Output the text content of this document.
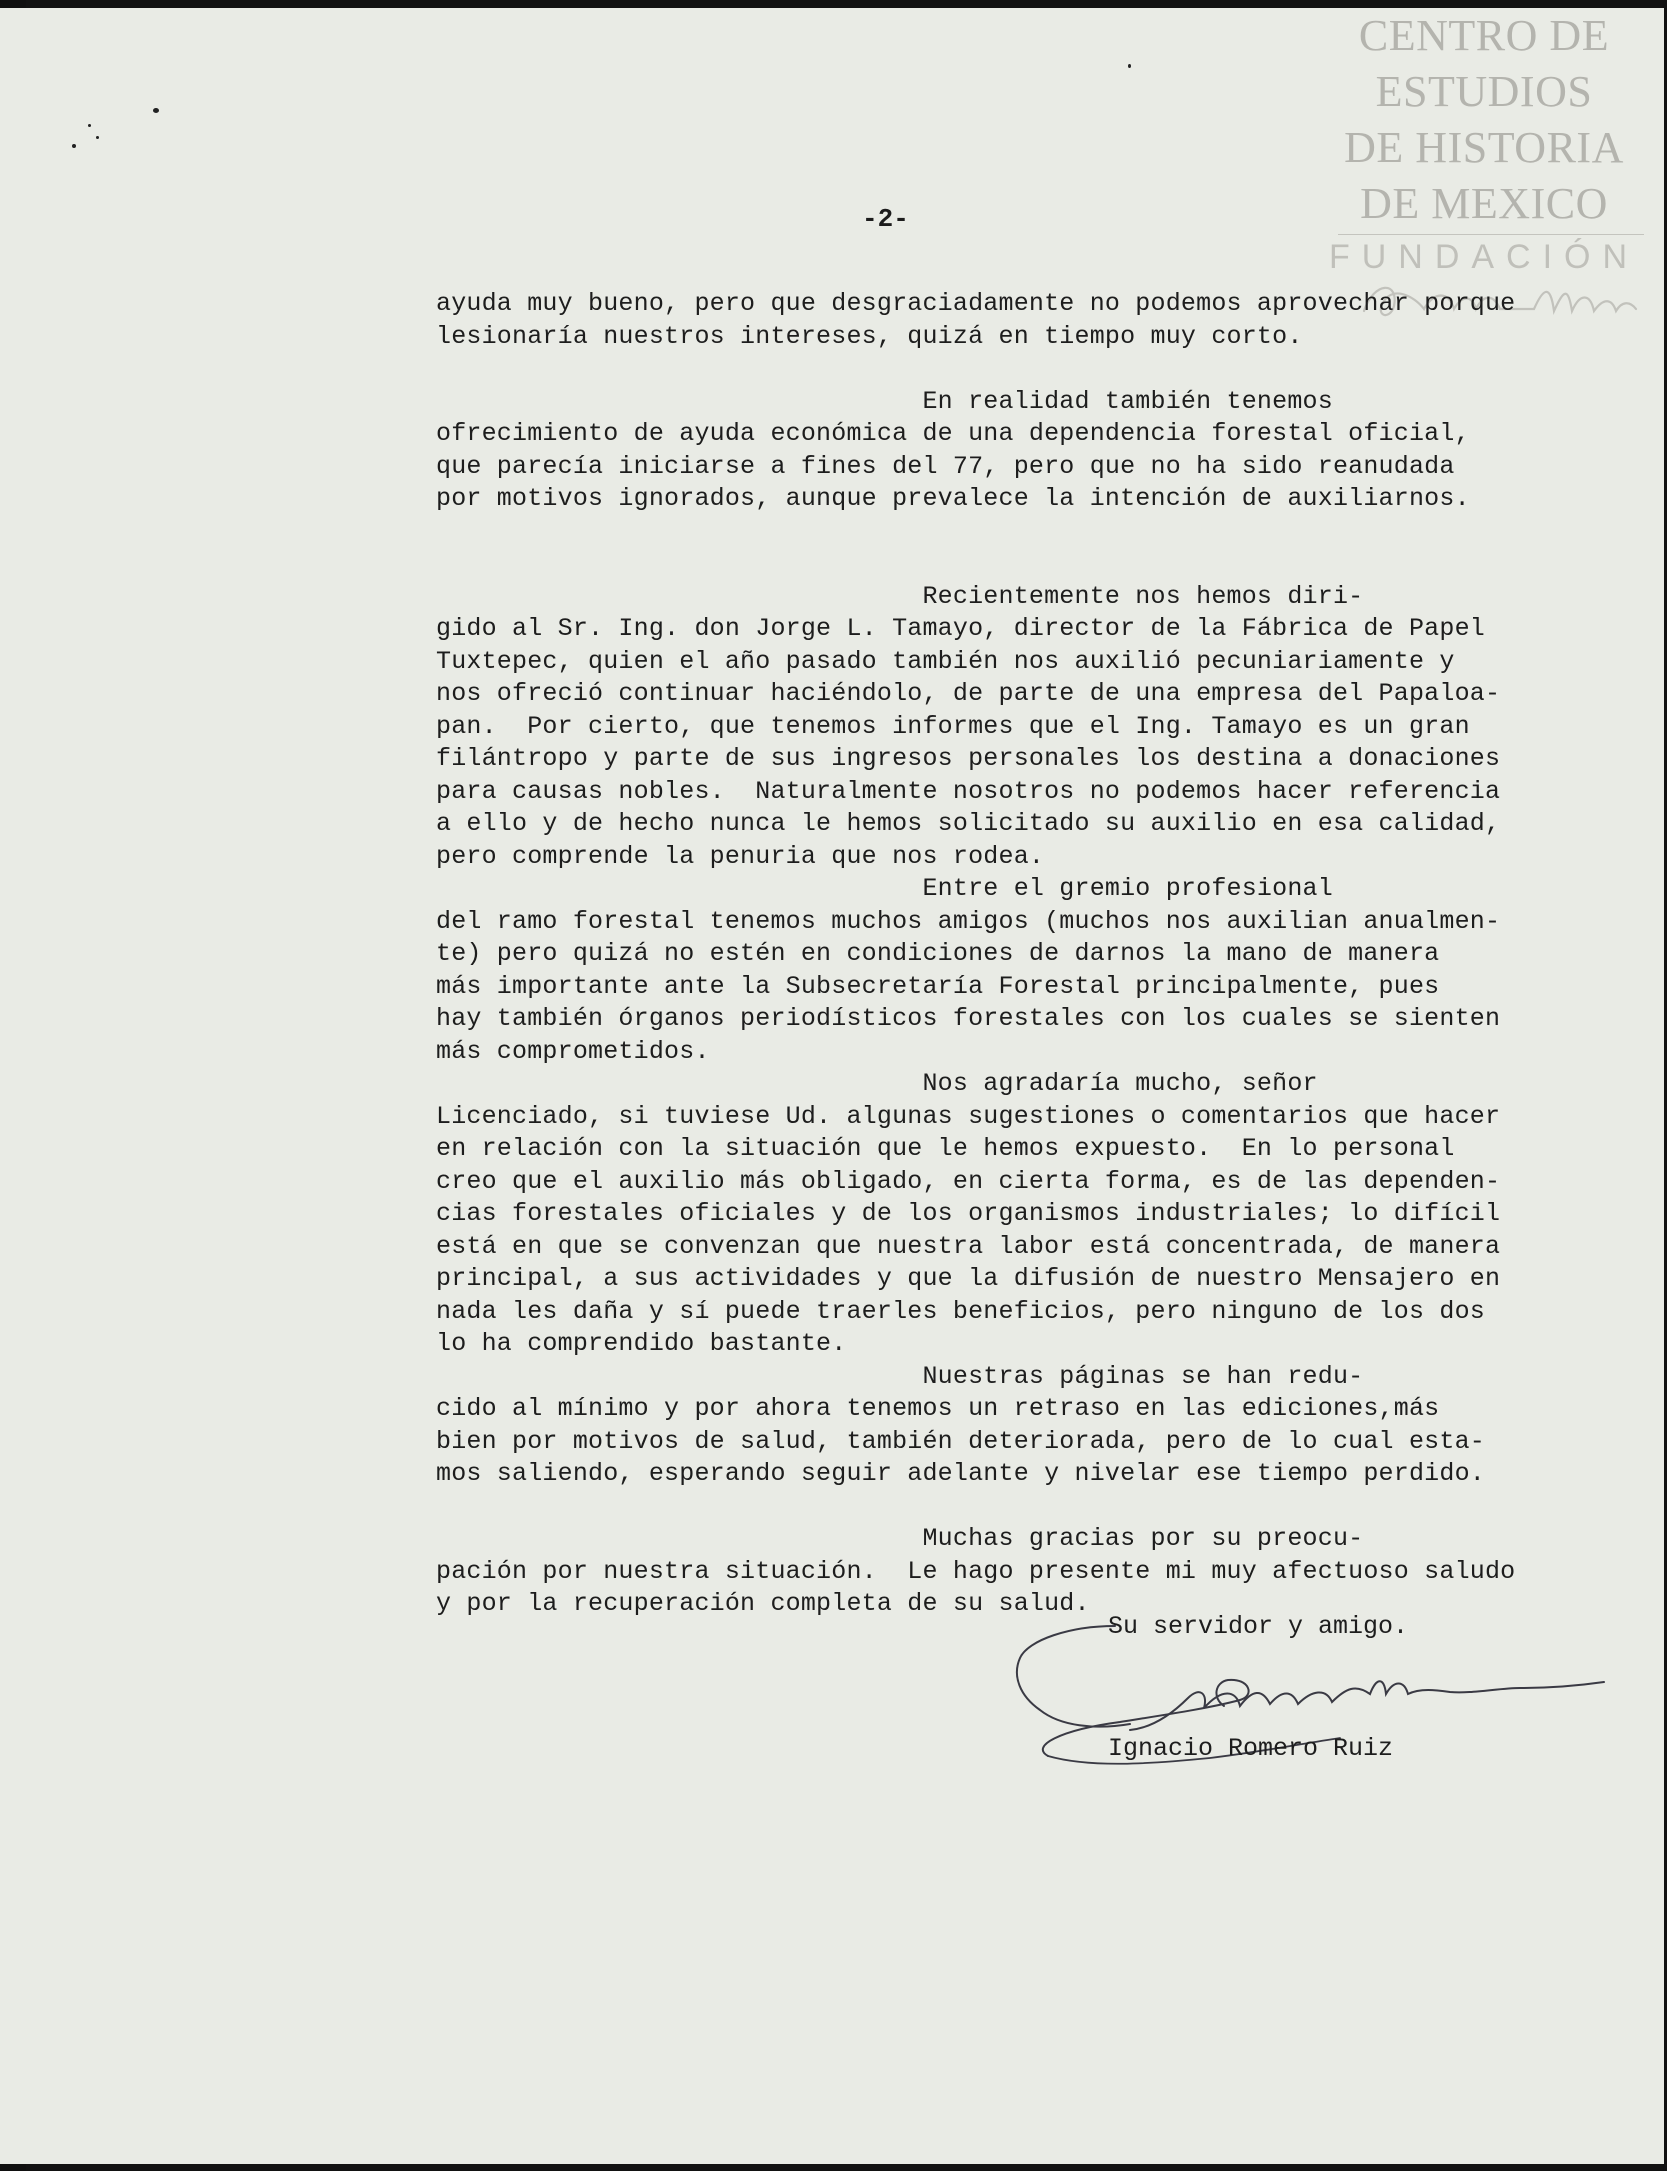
CENTRO DE
ESTUDIOS
DE HISTORIA
DE MEXICO
FUNDACIÓN
-2-
ayuda muy bueno, pero que desgraciadamente no podemos aprovechar porque
lesionaría nuestros intereses, quizá en tiempo muy corto.
En realidad también tenemos
ofrecimiento de ayuda económica de una dependencia forestal oficial,
que parecía iniciarse a fines del 77, pero que no ha sido reanudada
por motivos ignorados, aunque prevalece la intención de auxiliarnos.
Recientemente nos hemos diri-
gido al Sr. Ing. don Jorge L. Tamayo, director de la Fábrica de Papel
Tuxtepec, quien el año pasado también nos auxilió pecuniariamente y
nos ofreció continuar haciéndolo, de parte de una empresa del Papaloa-
pan.  Por cierto, que tenemos informes que el Ing. Tamayo es un gran
filántropo y parte de sus ingresos personales los destina a donaciones
para causas nobles.  Naturalmente nosotros no podemos hacer referencia
a ello y de hecho nunca le hemos solicitado su auxilio en esa calidad,
pero comprende la penuria que nos rodea.
Entre el gremio profesional
del ramo forestal tenemos muchos amigos (muchos nos auxilian anualmen-
te) pero quizá no estén en condiciones de darnos la mano de manera
más importante ante la Subsecretaría Forestal principalmente, pues
hay también órganos periodísticos forestales con los cuales se sienten
más comprometidos.
Nos agradaría mucho, señor
Licenciado, si tuviese Ud. algunas sugestiones o comentarios que hacer
en relación con la situación que le hemos expuesto.  En lo personal
creo que el auxilio más obligado, en cierta forma, es de las dependen-
cias forestales oficiales y de los organismos industriales; lo difícil
está en que se convenzan que nuestra labor está concentrada, de manera
principal, a sus actividades y que la difusión de nuestro Mensajero en
nada les daña y sí puede traerles beneficios, pero ninguno de los dos
lo ha comprendido bastante.
Nuestras páginas se han redu-
cido al mínimo y por ahora tenemos un retraso en las ediciones,más
bien por motivos de salud, también deteriorada, pero de lo cual esta-
mos saliendo, esperando seguir adelante y nivelar ese tiempo perdido.
Muchas gracias por su preocu-
pación por nuestra situación.  Le hago presente mi muy afectuoso saludo
y por la recuperación completa de su salud.
Su servidor y amigo.
Ignacio Romero Ruiz
